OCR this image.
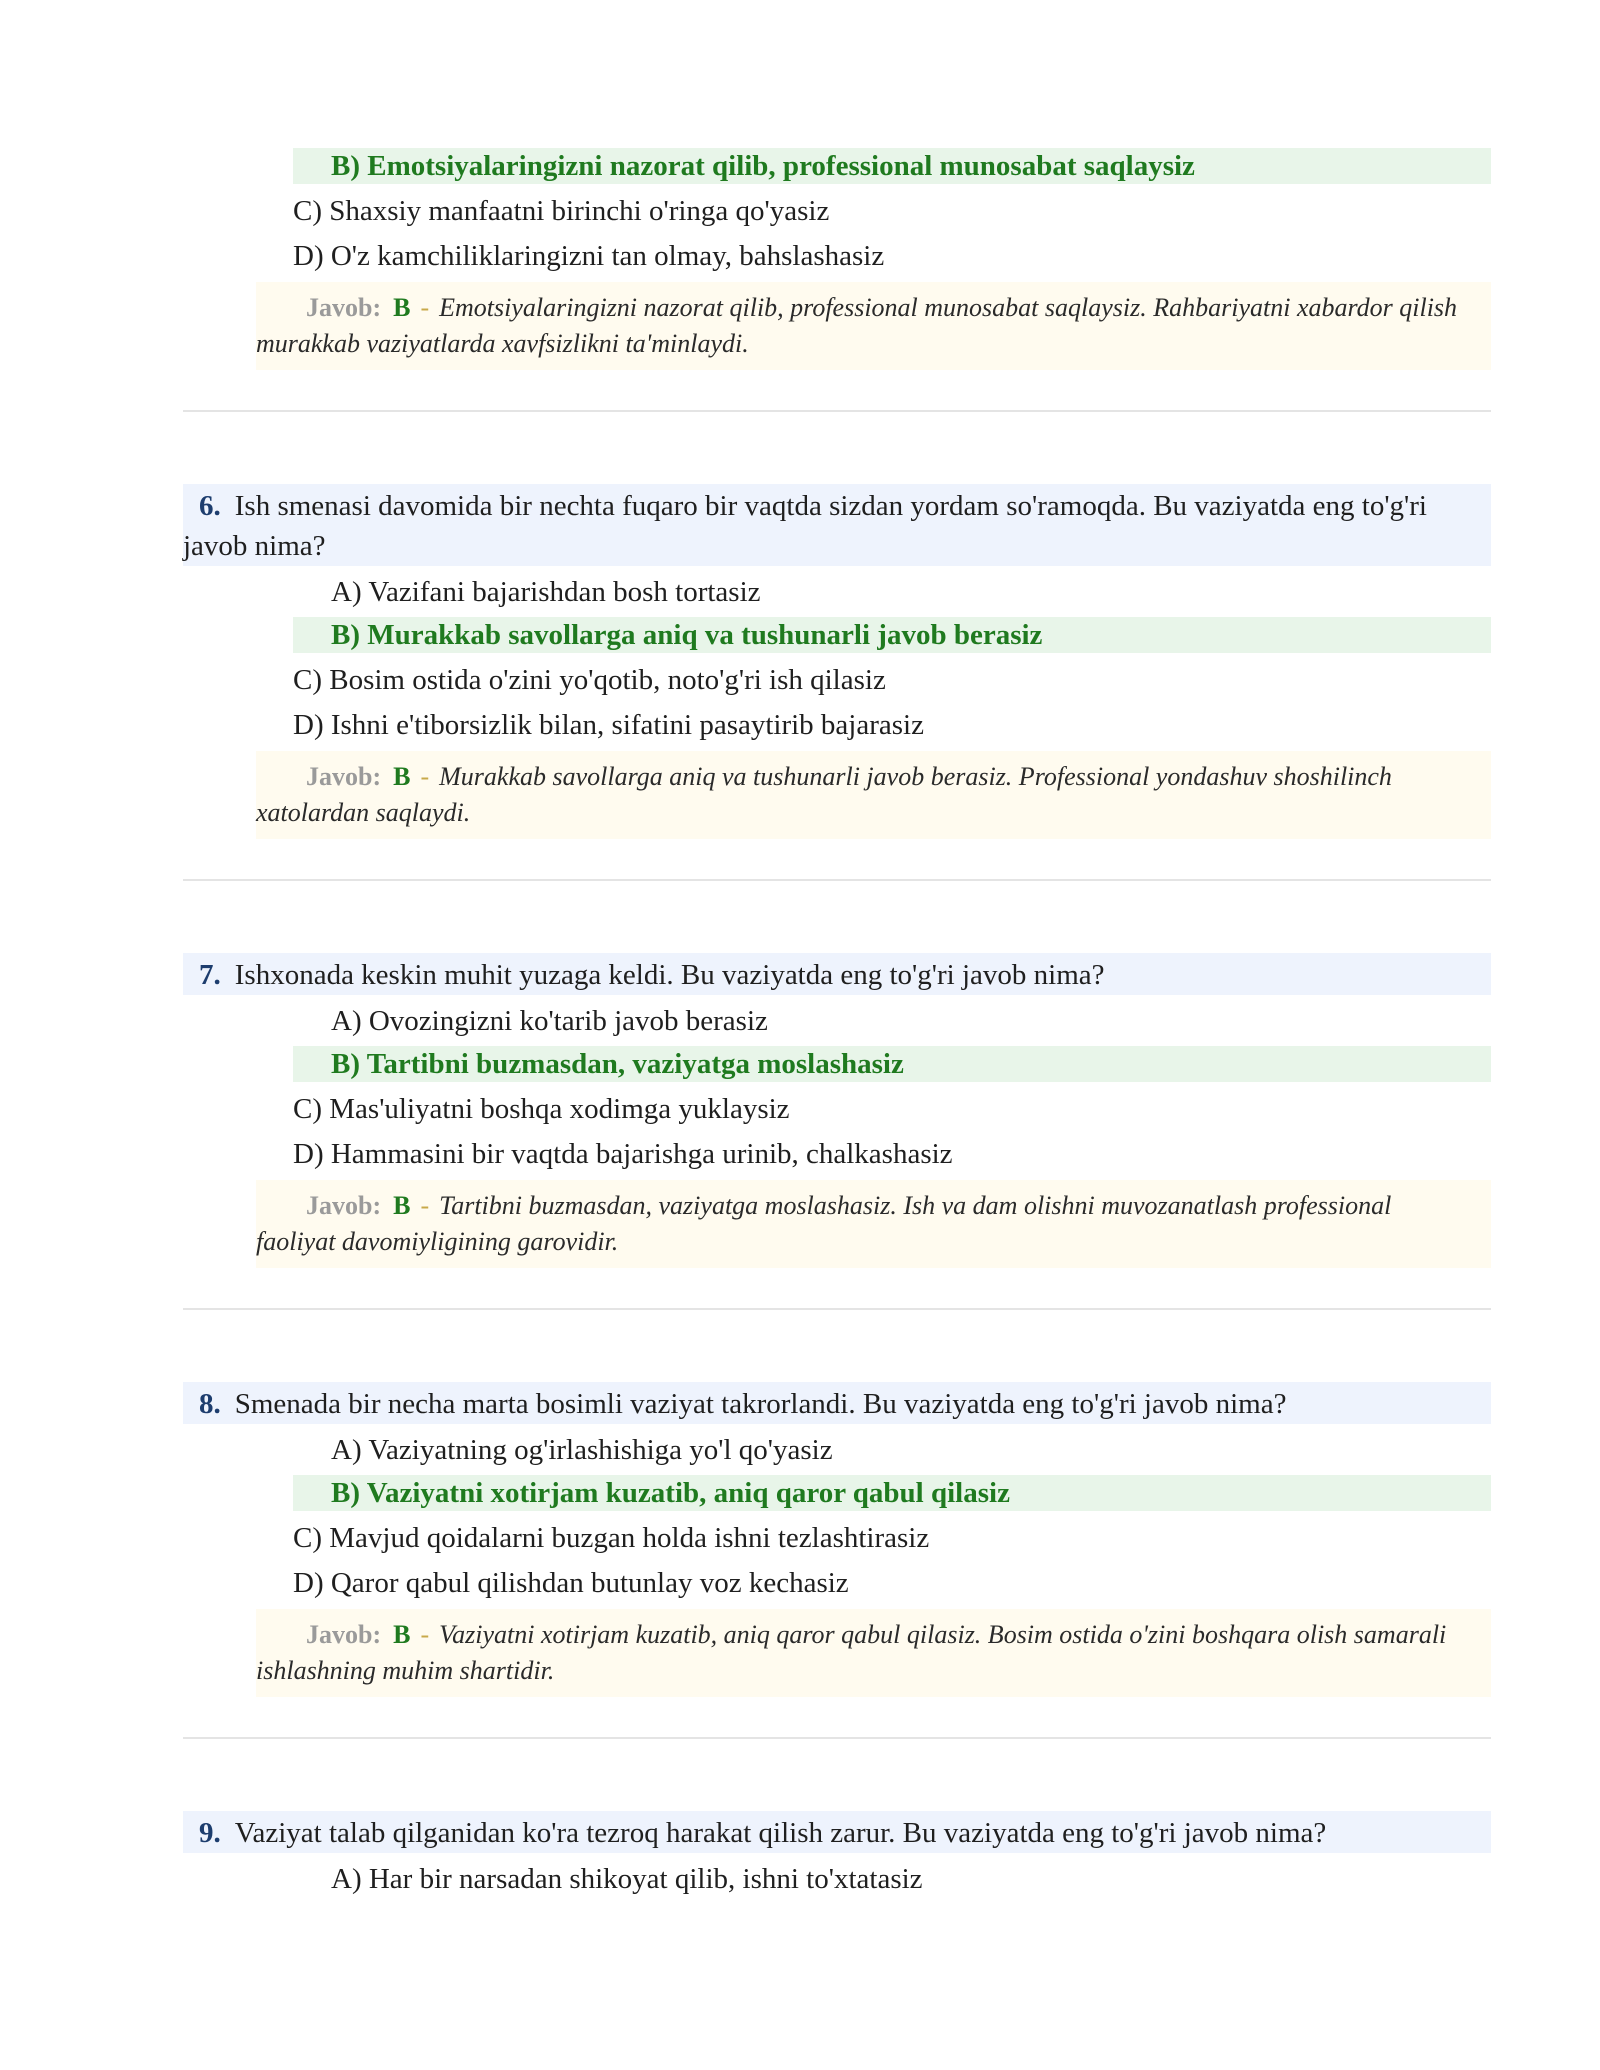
B) Emotsiyalaringizni nazorat qilib, professional munosabat saqlaysiz
C) Shaxsiy manfaatni birinchi o'ringa qo'yasiz
D) O'z kamchiliklaringizni tan olmay, bahslashasiz
Javob: B - Emotsiyalaringizni nazorat qilib, professional munosabat saqlaysiz. Rahbariyatni xabardor qilish murakkab vaziyatlarda xavfsizlikni ta'minlaydi.
6. Ish smenasi davomida bir nechta fuqaro bir vaqtda sizdan yordam so'ramoqda. Bu vaziyatda eng to'g'ri javob nima?
A) Vazifani bajarishdan bosh tortasiz
B) Murakkab savollarga aniq va tushunarli javob berasiz
C) Bosim ostida o'zini yo'qotib, noto'g'ri ish qilasiz
D) Ishni e'tiborsizlik bilan, sifatini pasaytirib bajarasiz
Javob: B - Murakkab savollarga aniq va tushunarli javob berasiz. Professional yondashuv shoshilinch xatolardan saqlaydi.
7. Ishxonada keskin muhit yuzaga keldi. Bu vaziyatda eng to'g'ri javob nima?
A) Ovozingizni ko'tarib javob berasiz
B) Tartibni buzmasdan, vaziyatga moslashasiz
C) Mas'uliyatni boshqa xodimga yuklaysiz
D) Hammasini bir vaqtda bajarishga urinib, chalkashasiz
Javob: B - Tartibni buzmasdan, vaziyatga moslashasiz. Ish va dam olishni muvozanatlash professional faoliyat davomiyligining garovidir.
8. Smenada bir necha marta bosimli vaziyat takrorlandi. Bu vaziyatda eng to'g'ri javob nima?
A) Vaziyatning og'irlashishiga yo'l qo'yasiz
B) Vaziyatni xotirjam kuzatib, aniq qaror qabul qilasiz
C) Mavjud qoidalarni buzgan holda ishni tezlashtirasiz
D) Qaror qabul qilishdan butunlay voz kechasiz
Javob: B - Vaziyatni xotirjam kuzatib, aniq qaror qabul qilasiz. Bosim ostida o'zini boshqara olish samarali ishlashning muhim shartidir.
9. Vaziyat talab qilganidan ko'ra tezroq harakat qilish zarur. Bu vaziyatda eng to'g'ri javob nima?
A) Har bir narsadan shikoyat qilib, ishni to'xtatasiz
